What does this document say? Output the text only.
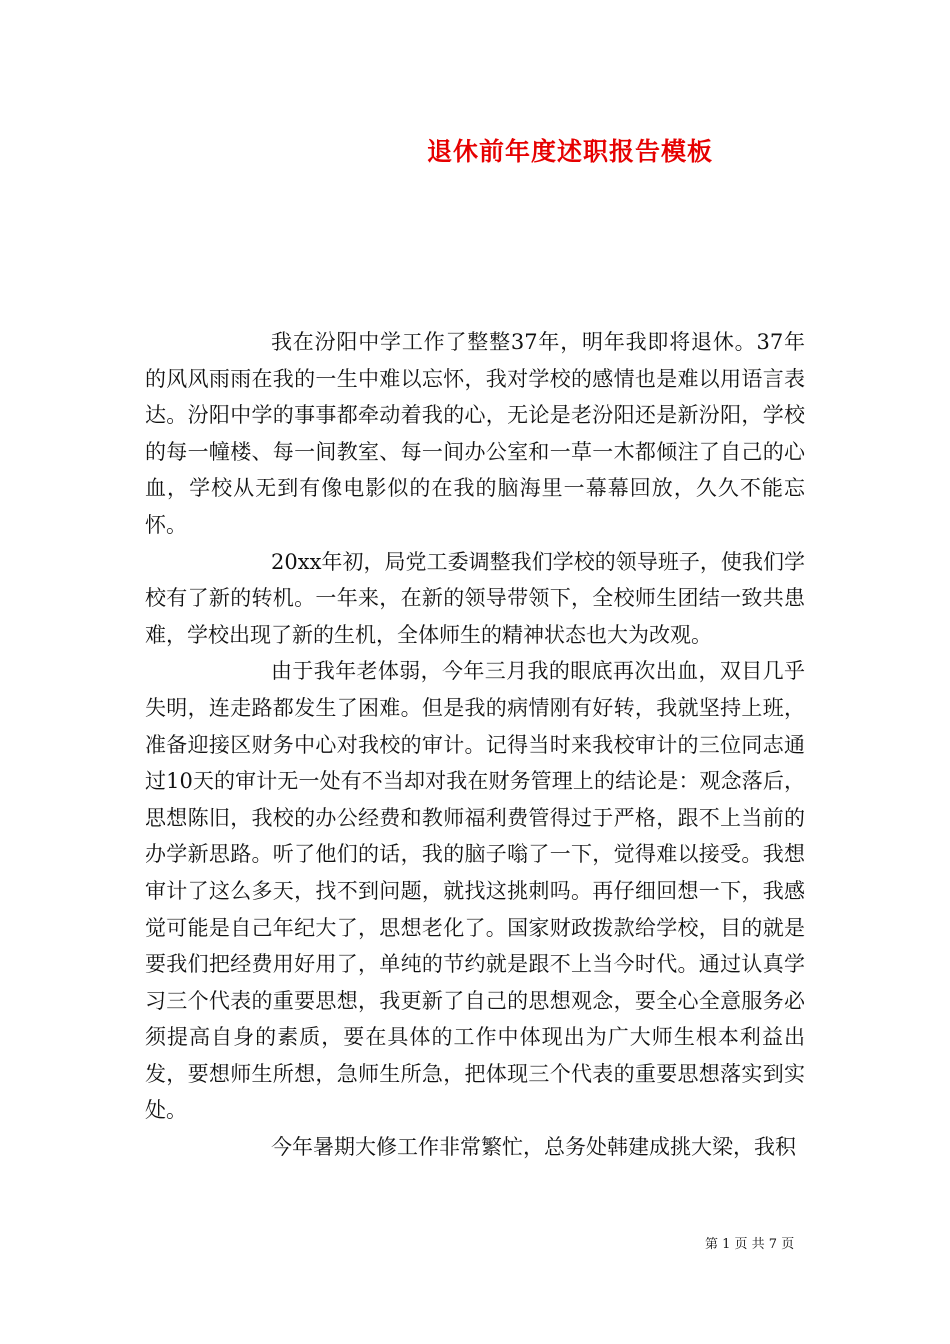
退休前年度述职报告模板

我在汾阳中学工作了整整37年，明年我即将退休。37年的风风雨雨在我的一生中难以忘怀，我对学校的感情也是难以用语言表达。汾阳中学的事事都牵动着我的心，无论是老汾阳还是新汾阳，学校的每一幢楼、每一间教室、每一间办公室和一草一木都倾注了自己的心血，学校从无到有像电影似的在我的脑海里一幕幕回放，久久不能忘怀。

20xx年初，局党工委调整我们学校的领导班子，使我们学校有了新的转机。一年来，在新的领导带领下，全校师生团结一致共患难，学校出现了新的生机，全体师生的精神状态也大为改观。

由于我年老体弱，今年三月我的眼底再次出血，双目几乎失明，连走路都发生了困难。但是我的病情刚有好转，我就坚持上班，准备迎接区财务中心对我校的审计。记得当时来我校审计的三位同志通过10天的审计无一处有不当却对我在财务管理上的结论是：观念落后，思想陈旧，我校的办公经费和教师福利费管得过于严格，跟不上当前的办学新思路。听了他们的话，我的脑子嗡了一下，觉得难以接受。我想审计了这么多天，找不到问题，就找这挑刺吗。再仔细回想一下，我感觉可能是自己年纪大了，思想老化了。国家财政拨款给学校，目的就是要我们把经费用好用了，单纯的节约就是跟不上当今时代。通过认真学习三个代表的重要思想，我更新了自己的思想观念，要全心全意服务必须提高自身的素质，要在具体的工作中体现出为广大师生根本利益出发，要想师生所想，急师生所急，把体现三个代表的重要思想落实到实处。

今年暑期大修工作非常繁忙，总务处韩建成挑大梁，我积

第 1 页 共 7 页
